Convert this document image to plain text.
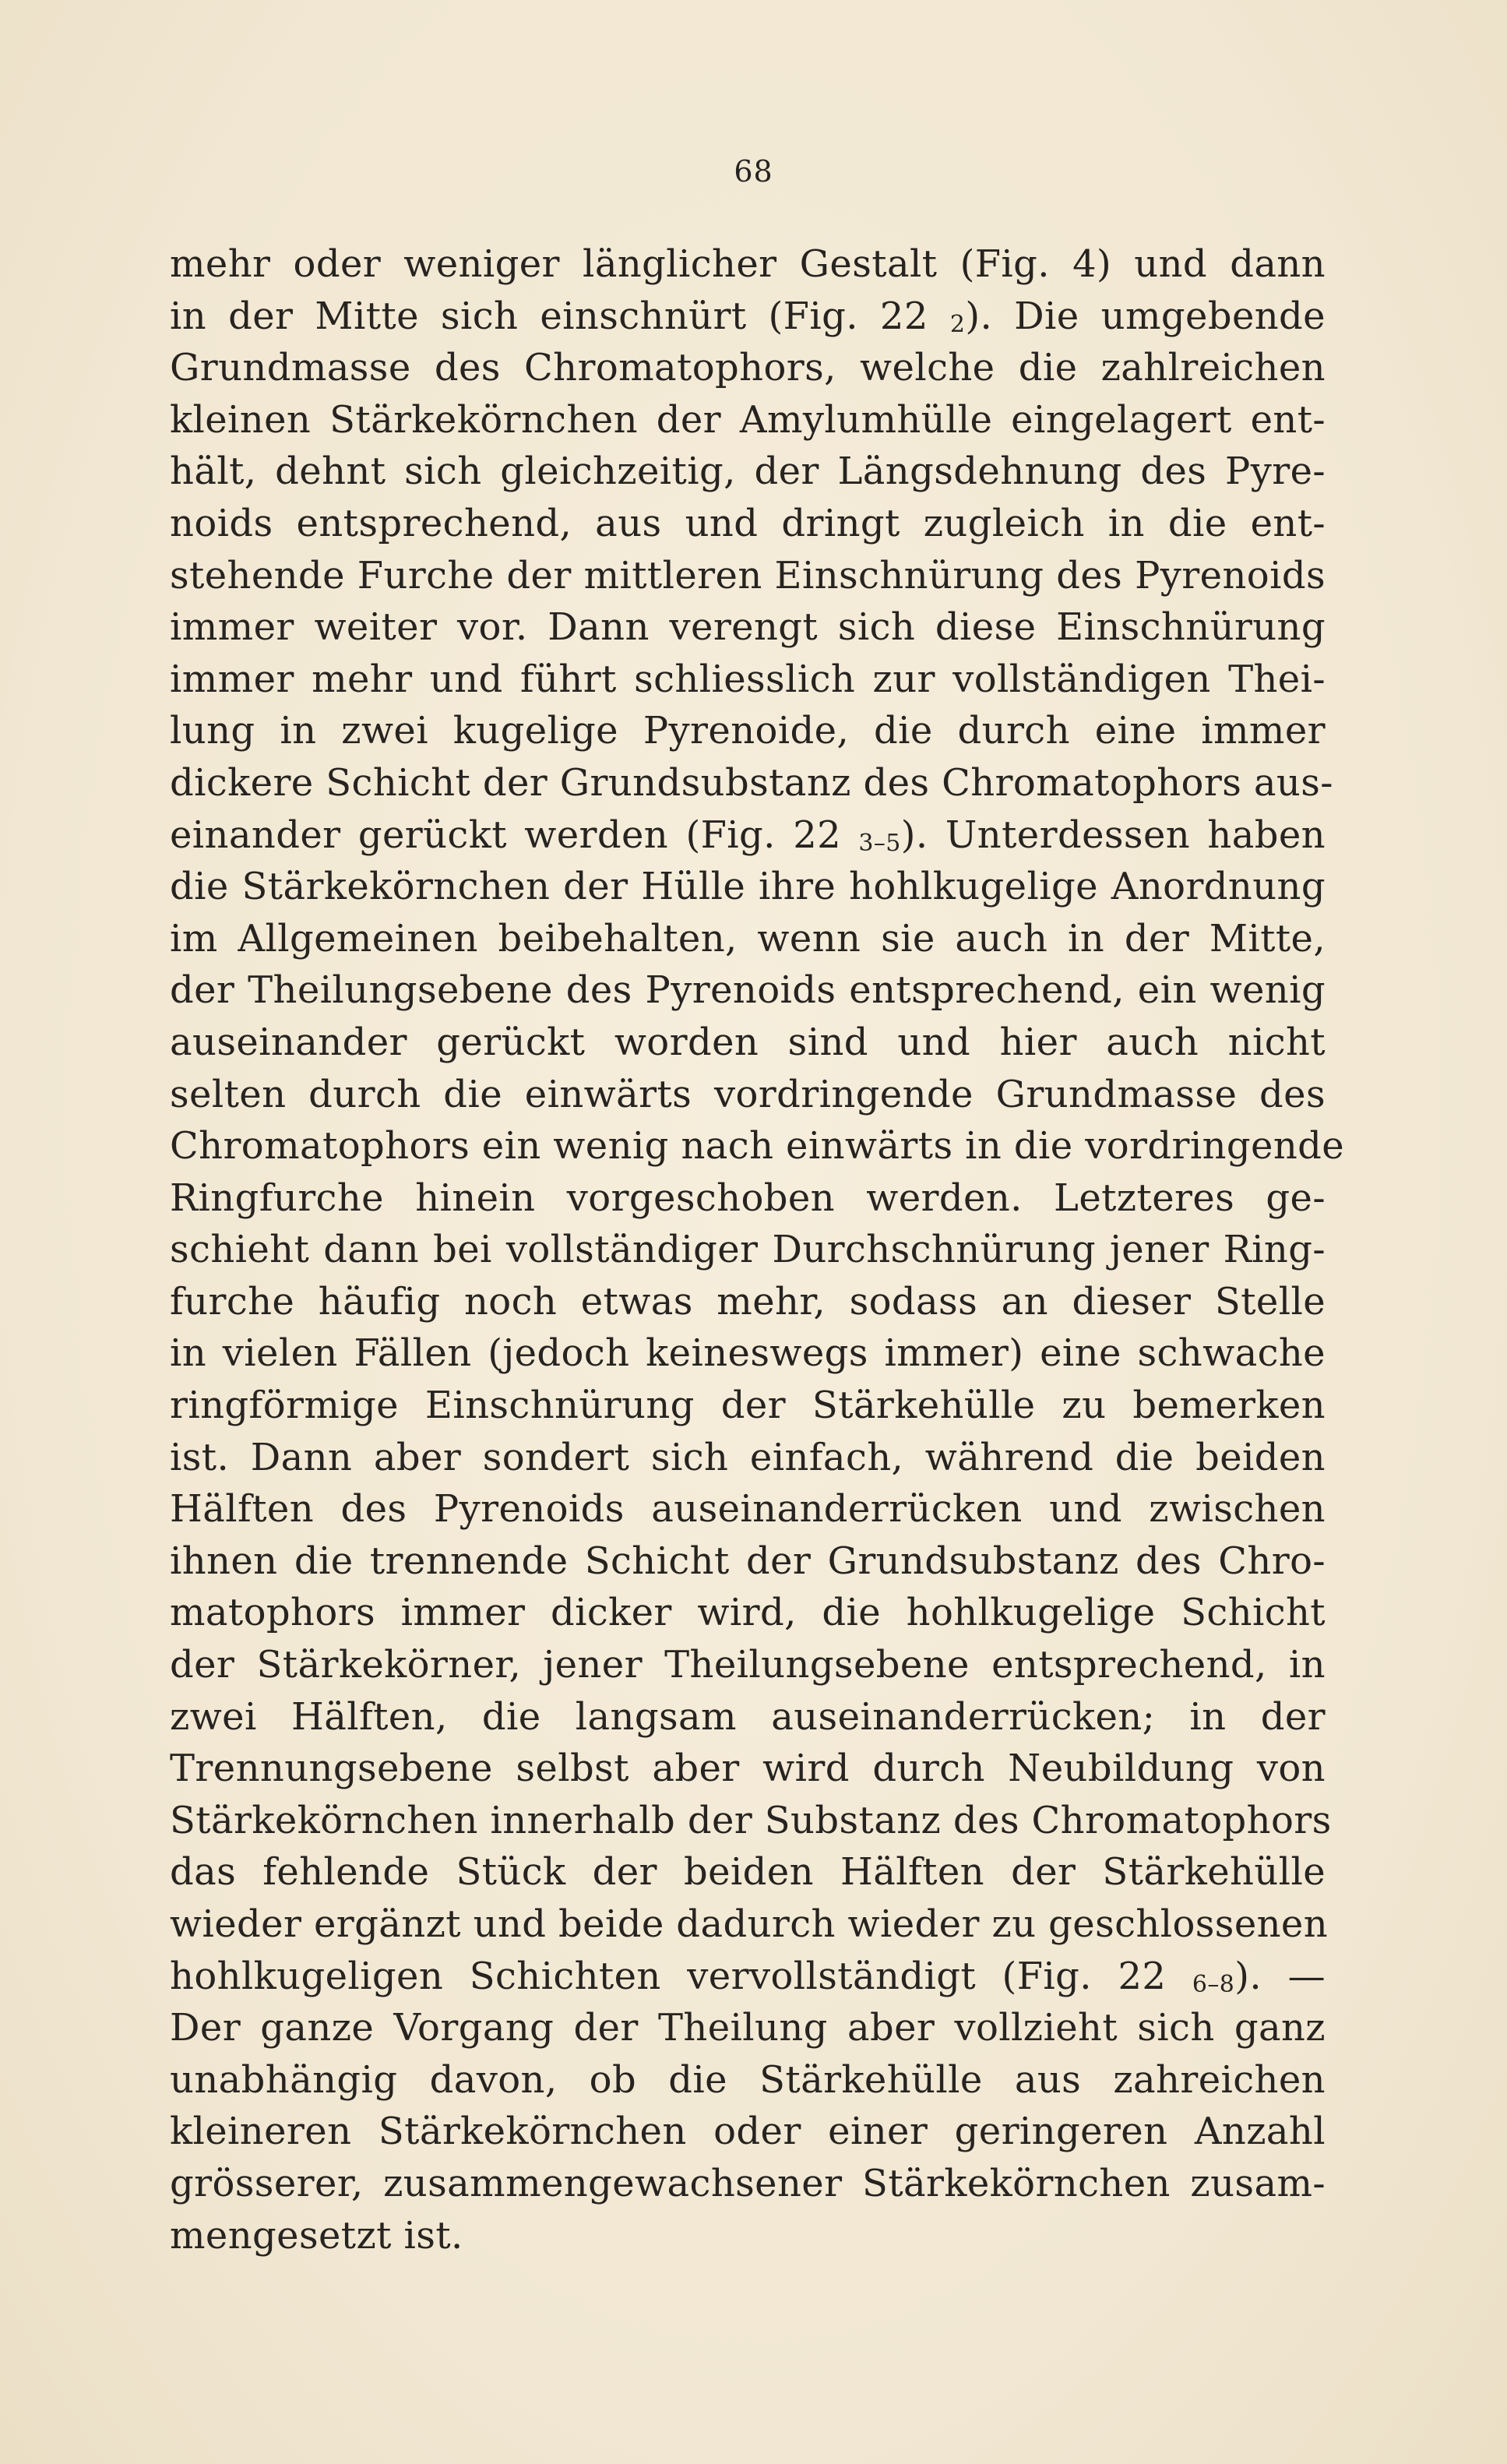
68
mehr oder weniger länglicher Gestalt (Fig. 4) und dann
in der Mitte sich einschnürt (Fig. 22 $_2$). Die umgebende
Grundmasse des Chromatophors, welche die zahlreichen
kleinen Stärkekörnchen der Amylumhülle eingelagert ent-
hält, dehnt sich gleichzeitig, der Längsdehnung des Pyre-
noids entsprechend, aus und dringt zugleich in die ent-
stehende Furche der mittleren Einschnürung des Pyrenoids
immer weiter vor. Dann verengt sich diese Einschnürung
immer mehr und führt schliesslich zur vollständigen Thei-
lung in zwei kugelige Pyrenoide, die durch eine immer
dickere Schicht der Grundsubstanz des Chromatophors aus-
einander gerückt werden (Fig. 22 $_{3-5}$). Unterdessen haben
die Stärkekörnchen der Hülle ihre hohlkugelige Anordnung
im Allgemeinen beibehalten, wenn sie auch in der Mitte,
der Theilungsebene des Pyrenoids entsprechend, ein wenig
auseinander gerückt worden sind und hier auch nicht
selten durch die einwärts vordringende Grundmasse des
Chromatophors ein wenig nach einwärts in die vordringende
Ringfurche hinein vorgeschoben werden. Letzteres ge-
schieht dann bei vollständiger Durchschnürung jener Ring-
furche häufig noch etwas mehr, sodass an dieser Stelle
in vielen Fällen (jedoch keineswegs immer) eine schwache
ringförmige Einschnürung der Stärkehülle zu bemerken
ist. Dann aber sondert sich einfach, während die beiden
Hälften des Pyrenoids auseinanderrücken und zwischen
ihnen die trennende Schicht der Grundsubstanz des Chro-
matophors immer dicker wird, die hohlkugelige Schicht
der Stärkekörner, jener Theilungsebene entsprechend, in
zwei Hälften, die langsam auseinanderrücken; in der
Trennungsebene selbst aber wird durch Neubildung von
Stärkekörnchen innerhalb der Substanz des Chromatophors
das fehlende Stück der beiden Hälften der Stärkehülle
wieder ergänzt und beide dadurch wieder zu geschlossenen
hohlkugeligen Schichten vervollständigt (Fig. 22 $_{6-8}$). —
Der ganze Vorgang der Theilung aber vollzieht sich ganz
unabhängig davon, ob die Stärkehülle aus zahreichen
kleineren Stärkekörnchen oder einer geringeren Anzahl
grösserer, zusammengewachsener Stärkekörnchen zusam-
mengesetzt ist.
